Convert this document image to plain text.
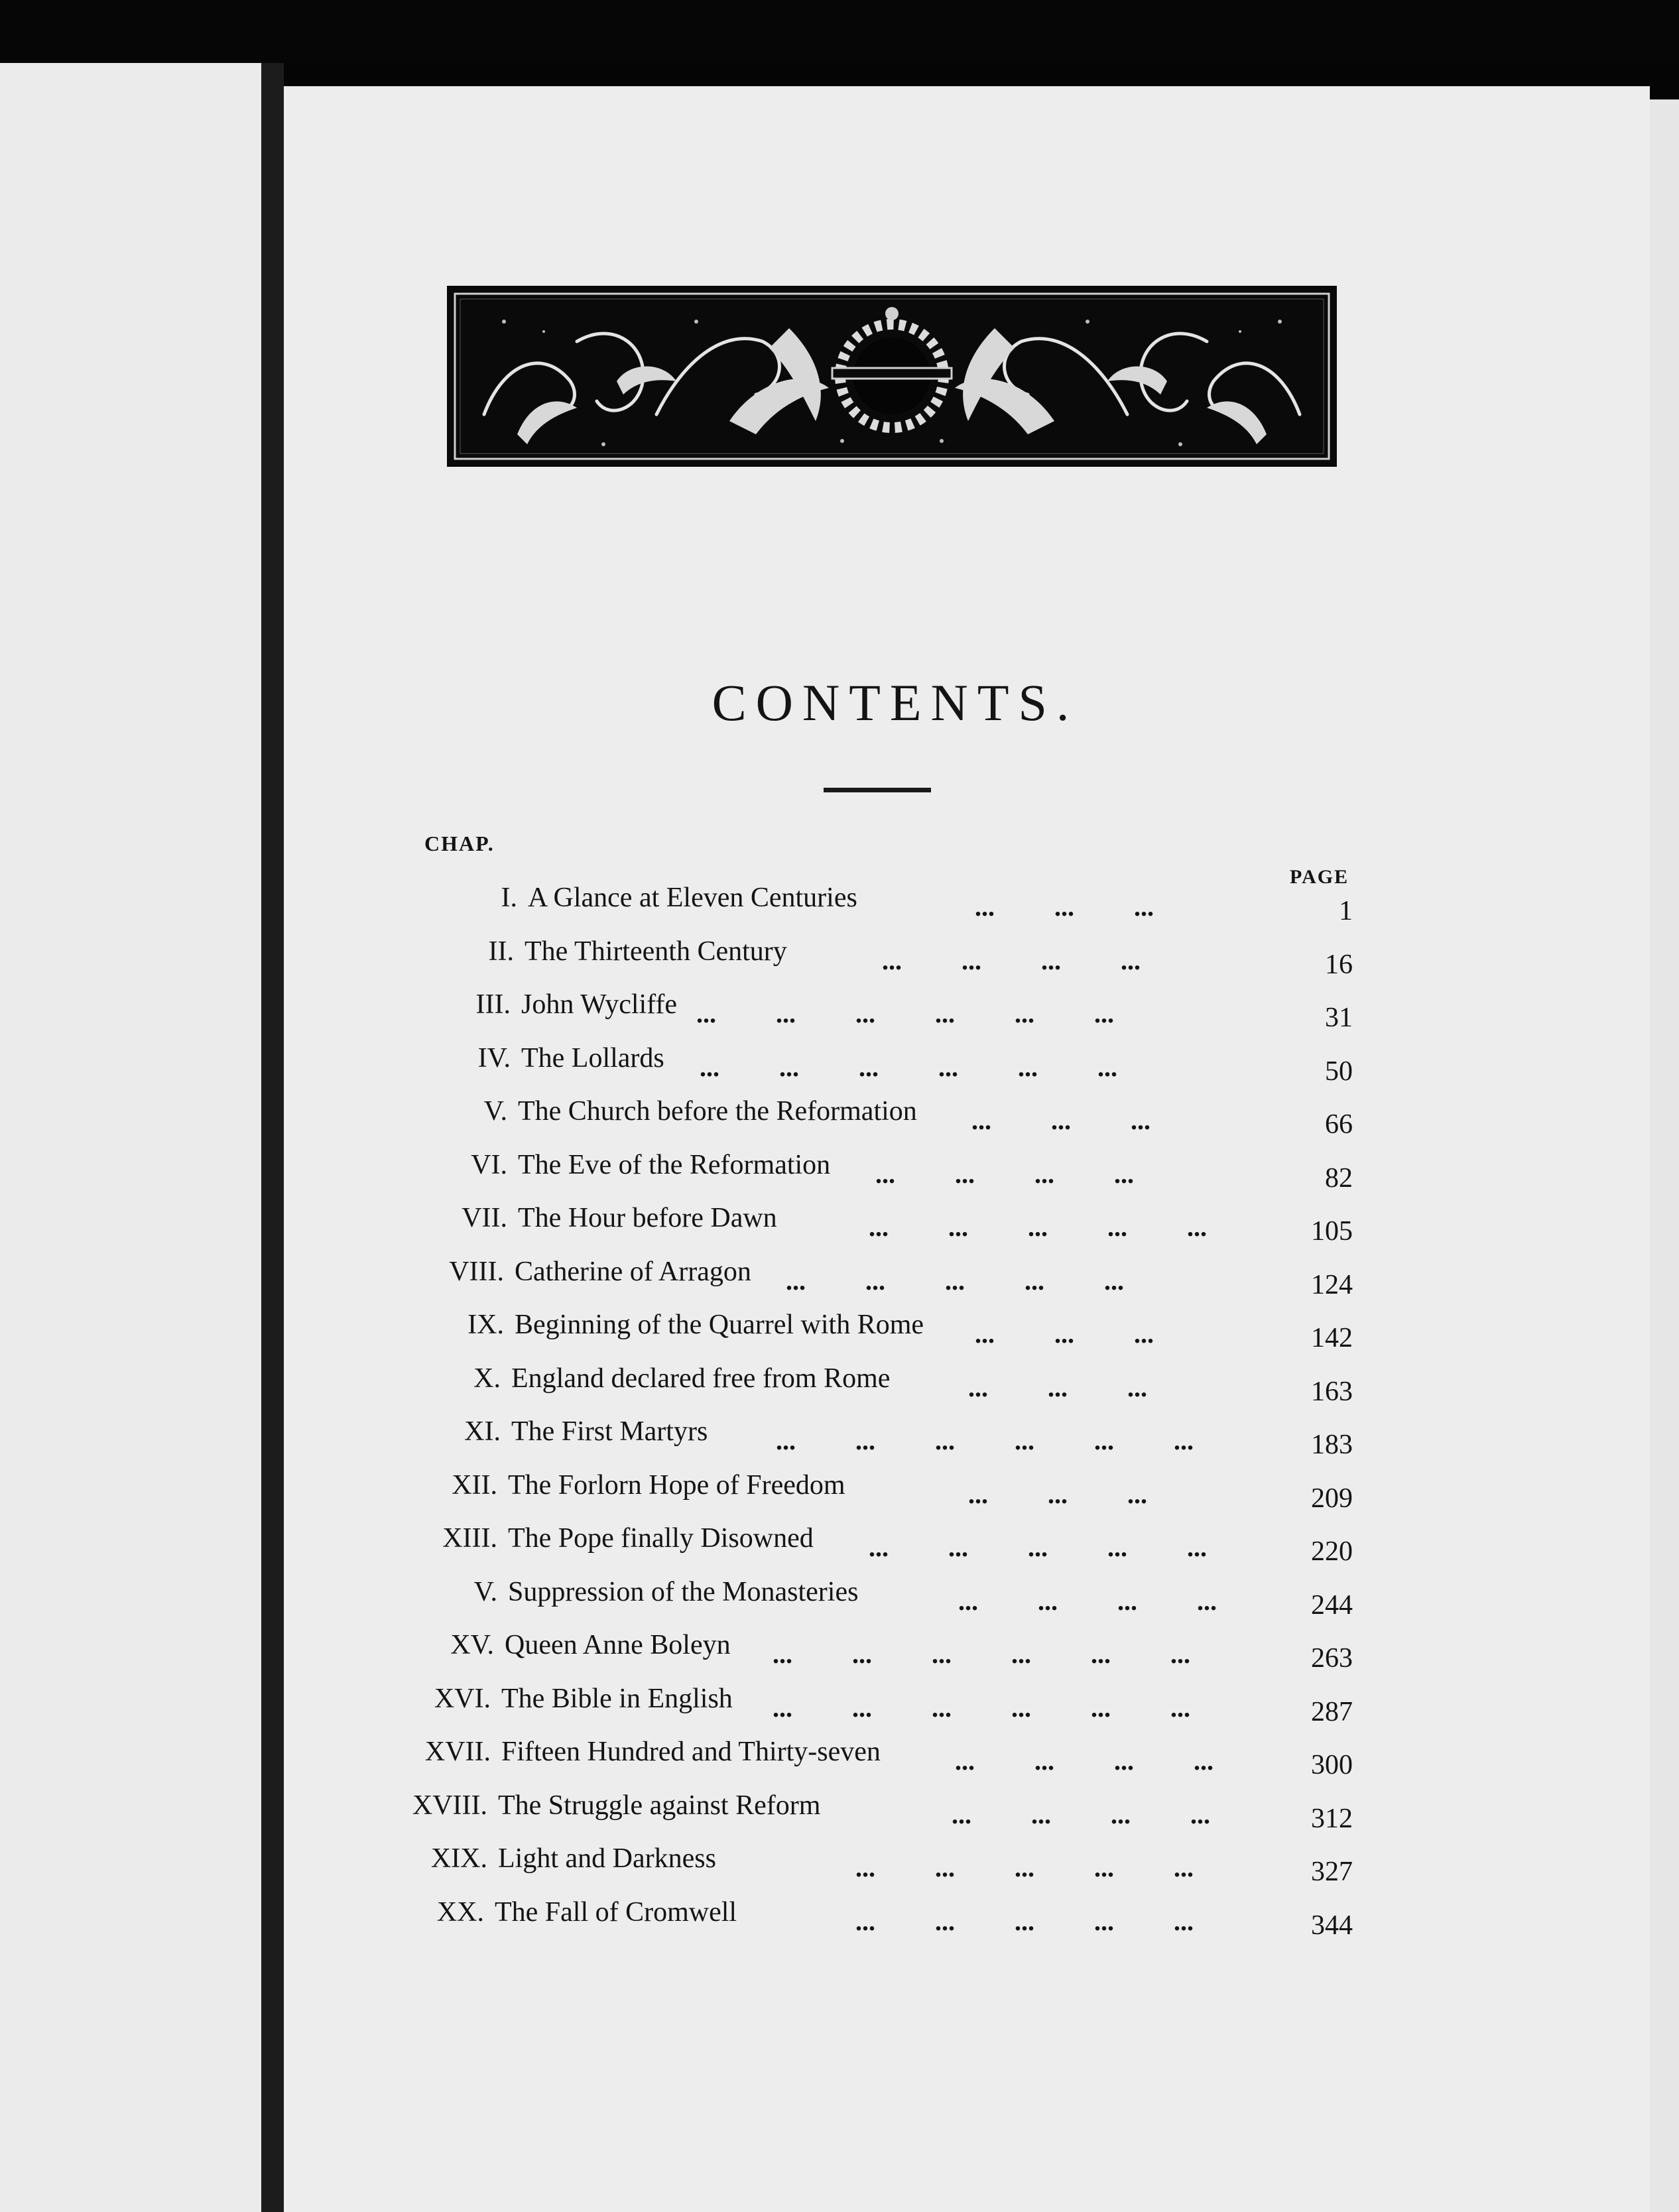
CONTENTS.
CHAP.
PAGE
I. A Glance at Eleven Centuries	...   ...   ...	1
II. The Thirteenth Century	...   ...   ...   ...	16
III. John Wycliffe ...   ...   ...   ...   ...   ...	31
IV. The Lollards ...   ...   ...   ...   ...   ...	50
V. The Church before the Reformation ...   ...   ...	66
VI. The Eve of the Reformation ...   ...   ...   ...	82
VII. The Hour before Dawn	...   ...   ...   ...   ...	105
VIII. Catherine of Arragon ...   ...   ...   ...   ...	124
IX. Beginning of the Quarrel with Rome ...   ...   ...	142
X. England declared free from Rome	...   ...   ...	163
XI. The First Martyrs	...   ...   ...   ...   ...   ...	183
XII. The Forlorn Hope of Freedom	...   ...   ...	209
XIII. The Pope finally Disowned ...   ...   ...   ...   ...	220
V. Suppression of the Monasteries	...   ...   ...   ...	244
XV. Queen Anne Boleyn ...   ...   ...   ...   ...   ...	263
XVI. The Bible in English ...   ...   ...   ...   ...   ...	287
XVII. Fifteen Hundred and Thirty-seven	...   ...   ...   ...	300
XVIII. The Struggle against Reform	...   ...   ...   ...	312
XIX. Light and Darkness	...   ...   ...   ...   ...	327
XX. The Fall of Cromwell	...   ...   ...   ...   ...	344
